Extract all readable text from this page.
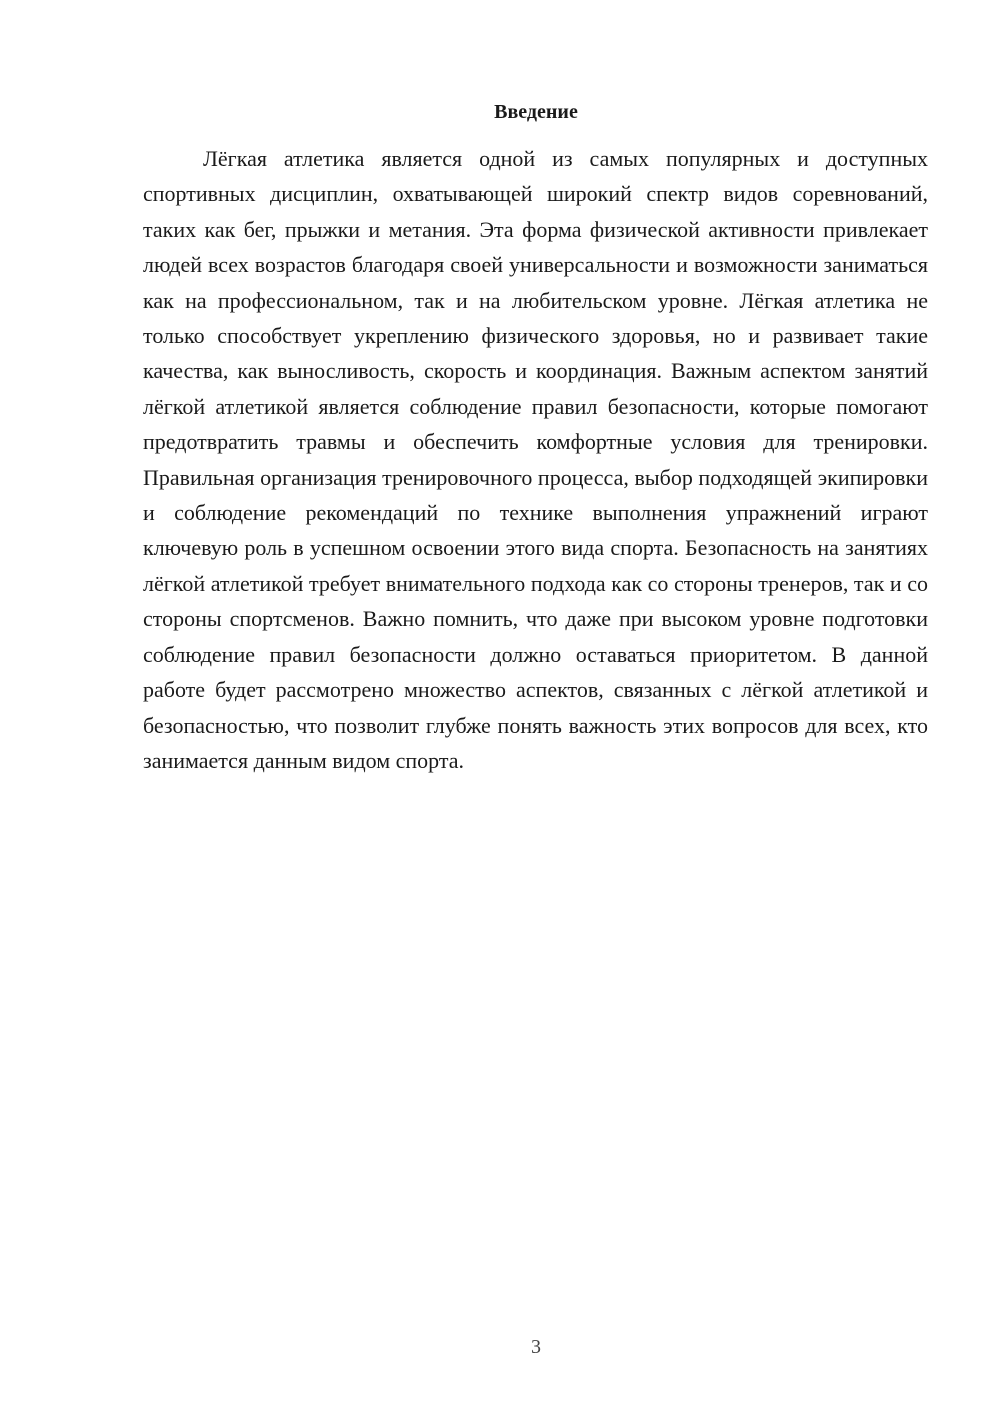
Введение

Лёгкая атлетика является одной из самых популярных и доступных спортивных дисциплин, охватывающей широкий спектр видов соревнований, таких как бег, прыжки и метания. Эта форма физической активности привлекает людей всех возрастов благодаря своей универсальности и возможности заниматься как на профессиональном, так и на любительском уровне. Лёгкая атлетика не только способствует укреплению физического здоровья, но и развивает такие качества, как выносливость, скорость и координация. Важным аспектом занятий лёгкой атлетикой является соблюдение правил безопасности, которые помогают предотвратить травмы и обеспечить комфортные условия для тренировки. Правильная организация тренировочного процесса, выбор подходящей экипировки и соблюдение рекомендаций по технике выполнения упражнений играют ключевую роль в успешном освоении этого вида спорта. Безопасность на занятиях лёгкой атлетикой требует внимательного подхода как со стороны тренеров, так и со стороны спортсменов. Важно помнить, что даже при высоком уровне подготовки соблюдение правил безопасности должно оставаться приоритетом. В данной работе будет рассмотрено множество аспектов, связанных с лёгкой атлетикой и безопасностью, что позволит глубже понять важность этих вопросов для всех, кто занимается данным видом спорта.

3
